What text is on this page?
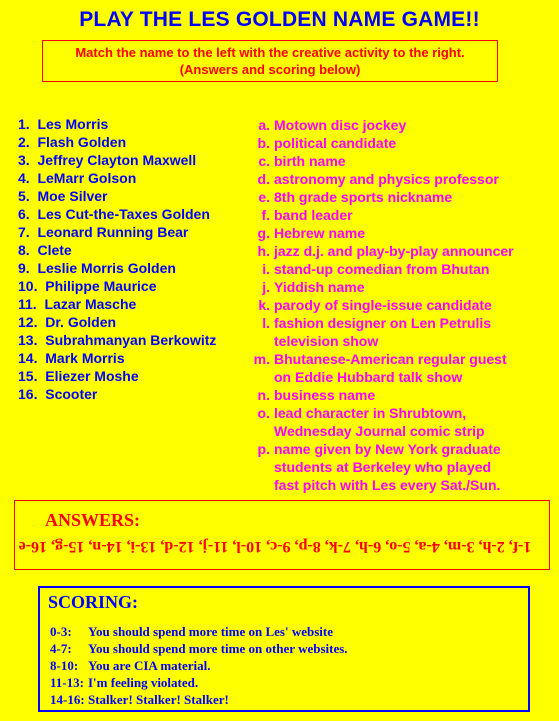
PLAY THE LES GOLDEN NAME GAME!!
Match the name to the left with the creative activity to the right.
(Answers and scoring below)
1. Les Morris
2. Flash Golden
3. Jeffrey Clayton Maxwell
4. LeMarr Golson
5. Moe Silver
6. Les Cut-the-Taxes Golden
7. Leonard Running Bear
8. Clete
9. Leslie Morris Golden
10. Philippe Maurice
11. Lazar Masche
12. Dr. Golden
13. Subrahmanyan Berkowitz
14. Mark Morris
15. Eliezer Moshe
16. Scooter
a. Motown disc jockey
b. political candidate
c. birth name
d. astronomy and physics professor
e. 8th grade sports nickname
f. band leader
g. Hebrew name
h. jazz d.j. and play-by-play announcer
i. stand-up comedian from Bhutan
j. Yiddish name
k. parody of single-issue candidate
l. fashion designer on Len Petrulis
television show
m. Bhutanese-American regular guest
on Eddie Hubbard talk show
n. business name
o. lead character in Shrubtown,
Wednesday Journal comic strip
p. name given by New York graduate
students at Berkeley who played
fast pitch with Les every Sat./Sun.
ANSWERS:
1-f, 2-h, 3-m, 4-a, 5-o, 6-h, 7-k, 8-p, 9-c, 10-l, 11-j, 12-d, 13-i, 14-n, 15-g, 16-e
SCORING:
0-3:	You should spend more time on Les' website
4-7:	You should spend more time on other websites.
8-10: You are CIA material.
11-13: I'm feeling violated.
14-16: Stalker! Stalker! Stalker!
